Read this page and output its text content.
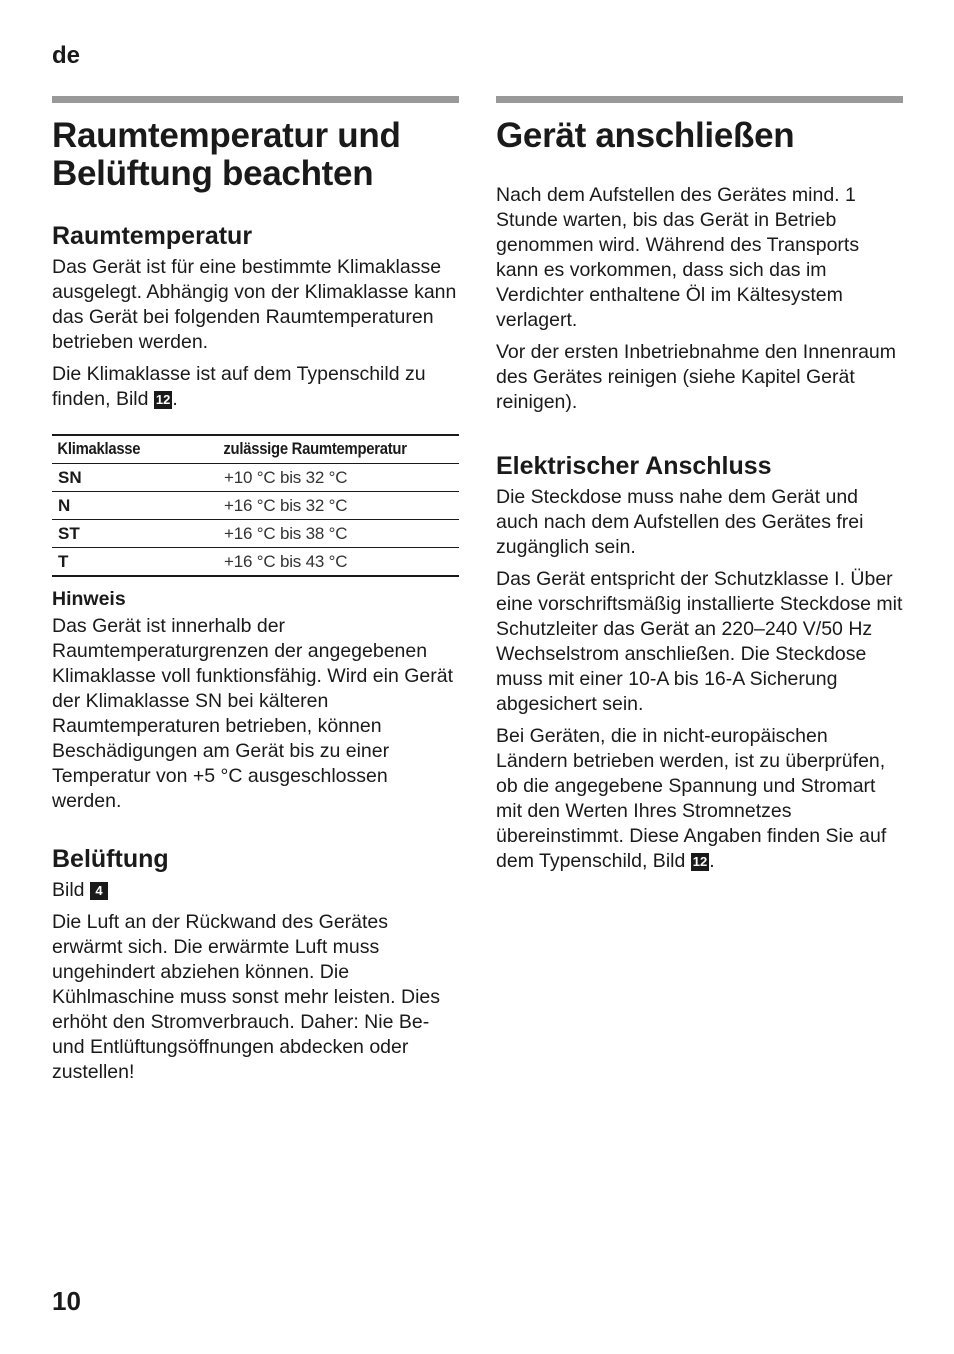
de
Raumtemperatur und Belüftung beachten
Raumtemperatur

Das Gerät ist für eine bestimmte Klimaklasse ausgelegt. Abhängig von der Klimaklasse kann das Gerät bei folgenden Raumtemperaturen betrieben werden.

Die Klimaklasse ist auf dem Typenschild zu finden, Bild 12 .

Klimaklasse	zulässige Raumtemperatur
SN	+10 °C bis 32 °C
N	+16 °C bis 32 °C
ST	+16 °C bis 38 °C
T	+16 °C bis 43 °C
Hinweis

Das Gerät ist innerhalb der Raumtemperaturgrenzen der angegebenen Klimaklasse voll funktionsfähig. Wird ein Gerät der Klimaklasse SN bei kälteren Raumtemperaturen betrieben, können Beschädigungen am Gerät bis zu einer Temperatur von +5 °C ausgeschlossen werden.

Belüftung

Bild 4

Die Luft an der Rückwand des Gerätes erwärmt sich. Die erwärmte Luft muss ungehindert abziehen können. Die Kühlmaschine muss sonst mehr leisten. Dies erhöht den Stromverbrauch. Daher: Nie Be- und Entlüftungsöffnungen abdecken oder zustellen!

Gerät anschließen

Nach dem Aufstellen des Gerätes mind. 1 Stunde warten, bis das Gerät in Betrieb genommen wird. Während des Transports kann es vorkommen, dass sich das im Verdichter enthaltene Öl im Kältesystem verlagert.

Vor der ersten Inbetriebnahme den Innenraum des Gerätes reinigen (siehe Kapitel Gerät reinigen).

Elektrischer Anschluss

Die Steckdose muss nahe dem Gerät und auch nach dem Aufstellen des Gerätes frei zugänglich sein.

Das Gerät entspricht der Schutzklasse I. Über eine vorschriftsmäßig installierte Steckdose mit Schutzleiter das Gerät an 220–240 V/50 Hz Wechselstrom anschließen. Die Steckdose muss mit einer 10-A bis 16-A Sicherung abgesichert sein.

Bei Geräten, die in nicht-europäischen Ländern betrieben werden, ist zu überprüfen, ob die angegebene Spannung und Stromart mit den Werten Ihres Stromnetzes übereinstimmt. Diese Angaben finden Sie auf dem Typenschild, Bild 12 .

10
